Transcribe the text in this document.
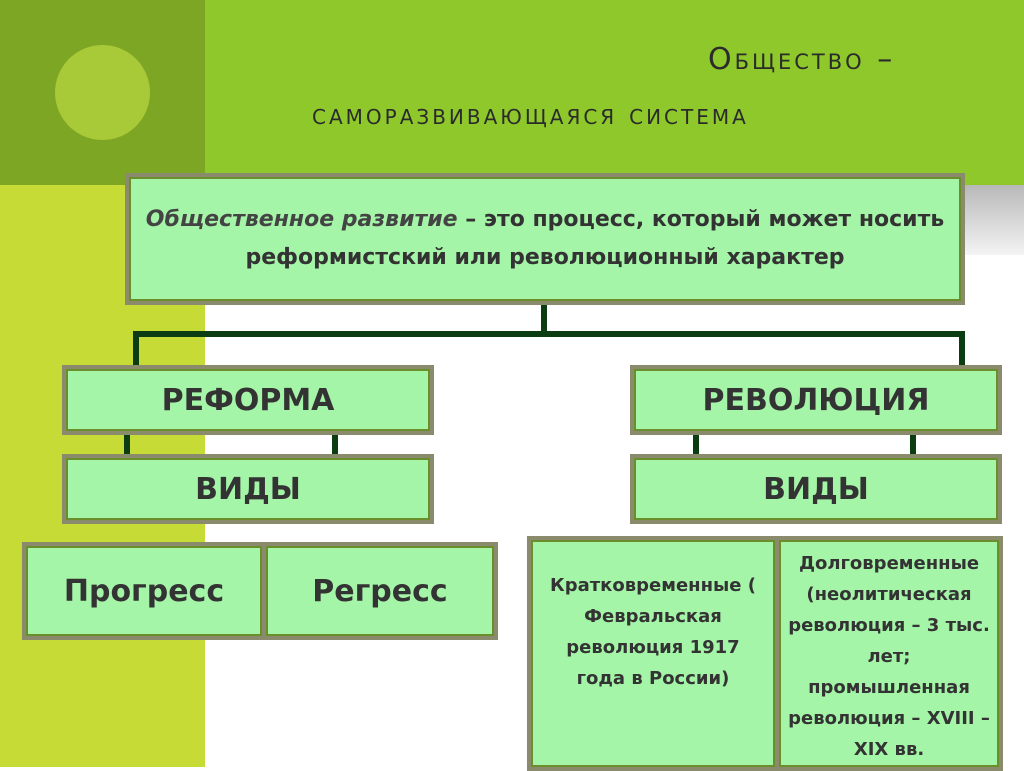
Общество –
саморазвивающаяся система
Общественное развитие – это процесс, который может носить реформистский или революционный характер
РЕФОРМА	РЕВОЛЮЦИЯ
ВИДЫ	ВИДЫ
Прогресс	Регресс	Кратковременные ( Февральская революция 1917 года в России)
Долговременные (неолитическая революция – 3 тыс. лет; промышленная революция – XVIII – XIX вв.
